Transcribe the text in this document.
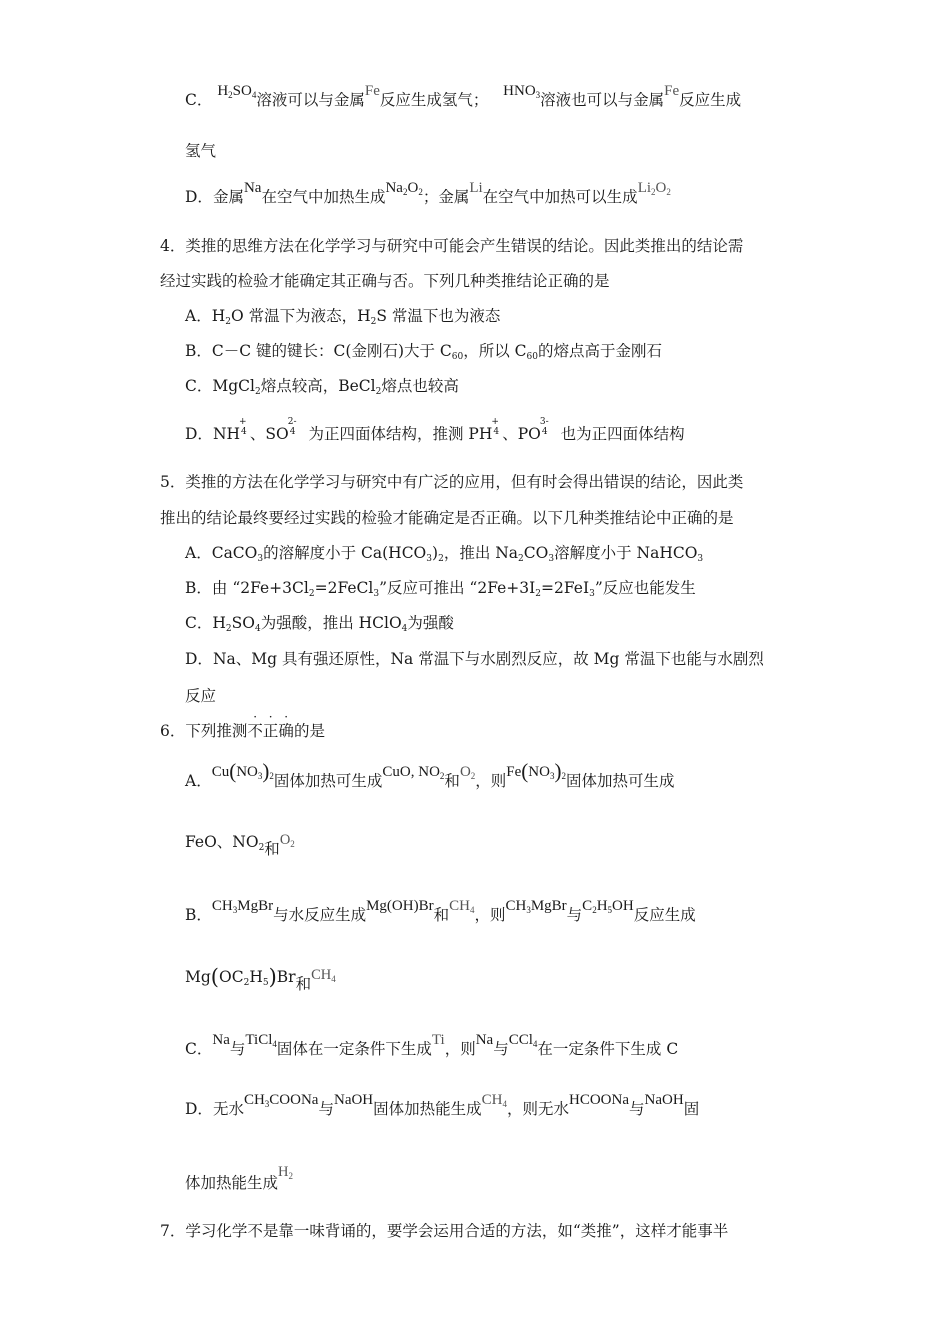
C． $H_2SO_4$溶液可以与金属Fe反应生成氢气； $HNO_3$溶液也可以与金属Fe反应生成
氢气
D．金属Na在空气中加热生成$Na_2O_2$；金属Li在空气中加热可以生成$Li_2O_2$
4．类推的思维方法在化学学习与研究中可能会产生错误的结论。因此类推出的结论需
经过实践的检验才能确定其正确与否。下列几种类推结论正确的是
A．$H_2O$ 常温下为液态，$H_2S$ 常温下也为液态
B．C－C 键的键长：C(金刚石)大于 $C_{60}$，所以 $C_{60}$的熔点高于金刚石
C．MgCl$_2$熔点较高，BeCl$_2$熔点也较高
D．NH
+
4 、SO
2-
4 为正四面体结构，推测 PH
+
4 、PO
3-
4 也为正四面体结构
5．类推的方法在化学学习与研究中有广泛的应用，但有时会得出错误的结论，因此类
推出的结论最终要经过实践的检验才能确定是否正确。以下几种类推结论中正确的是
A．CaCO$_3$的溶解度小于 $Ca(HCO_3)_2$，推出 $Na_2CO_3$溶解度小于 NaHCO$_3$
B．由 “$2Fe+3Cl_2=2FeCl_3$”反应可推出 “$2Fe+3I_2=2FeI_3$”反应也能发生
C．$H_2SO_4$为强酸，推出 HClO$_4$为强酸
D．Na、Mg 具有强还原性，Na 常温下与水剧烈反应，故 Mg 常温下也能与水剧烈
反应
6．下列推测
·
不
·
正
·
确的是
A．$Cu(NO_3)_2$固体加热可生成CuO, $NO_2$和$O_2$，则$Fe(NO_3)_2$固体加热可生成
FeO、$NO_2$和$O_2$
B．$CH_3MgBr$与水反应生成Mg(OH)Br和$CH_4$，则$CH_3MgBr$与$C_2H_5OH$反应生成
$Mg(OC_2H_5)Br$和$CH_4$
C．Na与TiCl$_4$固体在一定条件下生成Ti，则Na与CCl$_4$在一定条件下生成 C
D．无水$CH_3COONa$与NaOH固体加热能生成$CH_4$，则无水HCOONa与NaOH固
体加热能生成$H_2$
7．学习化学不是靠一味背诵的，要学会运用合适的方法，如“类推”，这样才能事半
